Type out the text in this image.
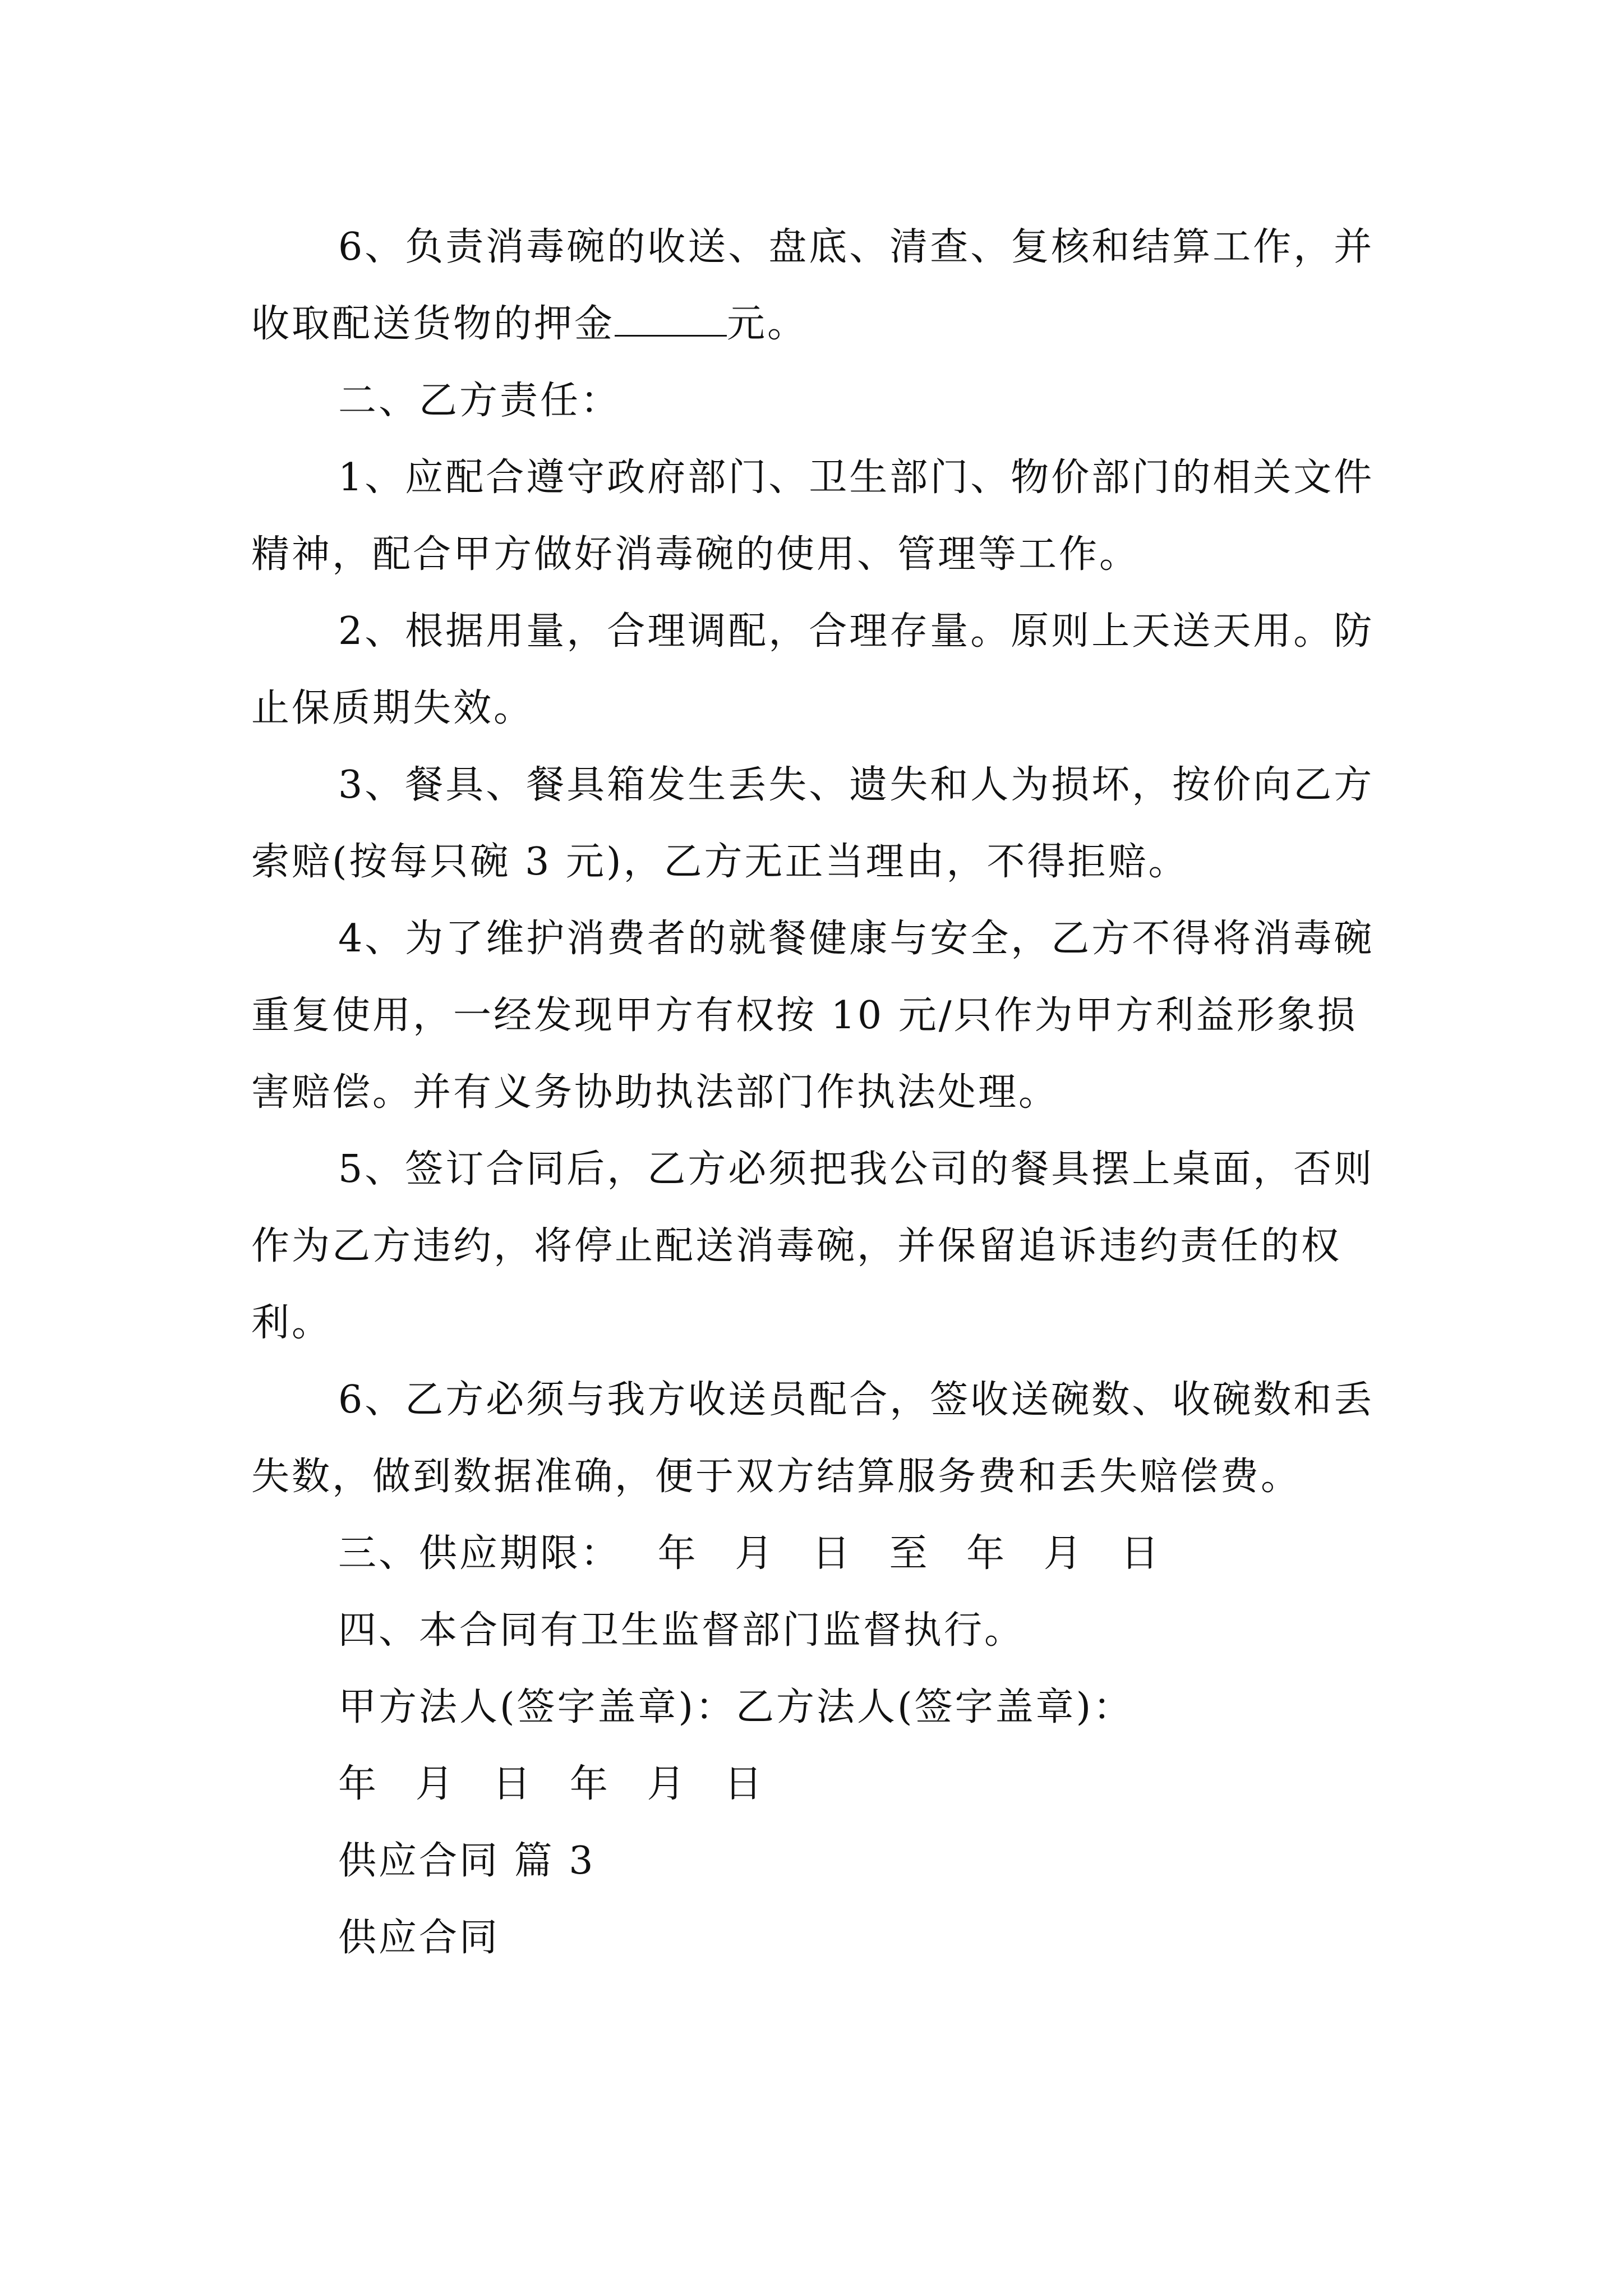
6、负责消毒碗的收送、盘底、清查、复核和结算工作，并收取配送货物的押金	元。

二、乙方责任：

1、应配合遵守政府部门、卫生部门、物价部门的相关文件精神，配合甲方做好消毒碗的使用、管理等工作。

2、根据用量，合理调配，合理存量。原则上天送天用。防止保质期失效。

3、餐具、餐具箱发生丢失、遗失和人为损坏，按价向乙方索赔(按每只碗 3 元)，乙方无正当理由，不得拒赔。

4、为了维护消费者的就餐健康与安全，乙方不得将消毒碗重复使用，一经发现甲方有权按 10 元/只作为甲方利益形象损害赔偿。并有义务协助执法部门作执法处理。

5、签订合同后，乙方必须把我公司的餐具摆上桌面，否则作为乙方违约，将停止配送消毒碗，并保留追诉违约责任的权利。

6、乙方必须与我方收送员配合，签收送碗数、收碗数和丢失数，做到数据准确，便于双方结算服务费和丢失赔偿费。

三、供应期限： 年 月 日 至 年 月 日

四、本合同有卫生监督部门监督执行。

甲方法人(签字盖章)：乙方法人(签字盖章)：

年 月 日 年 月 日

供应合同 篇 3

供应合同
